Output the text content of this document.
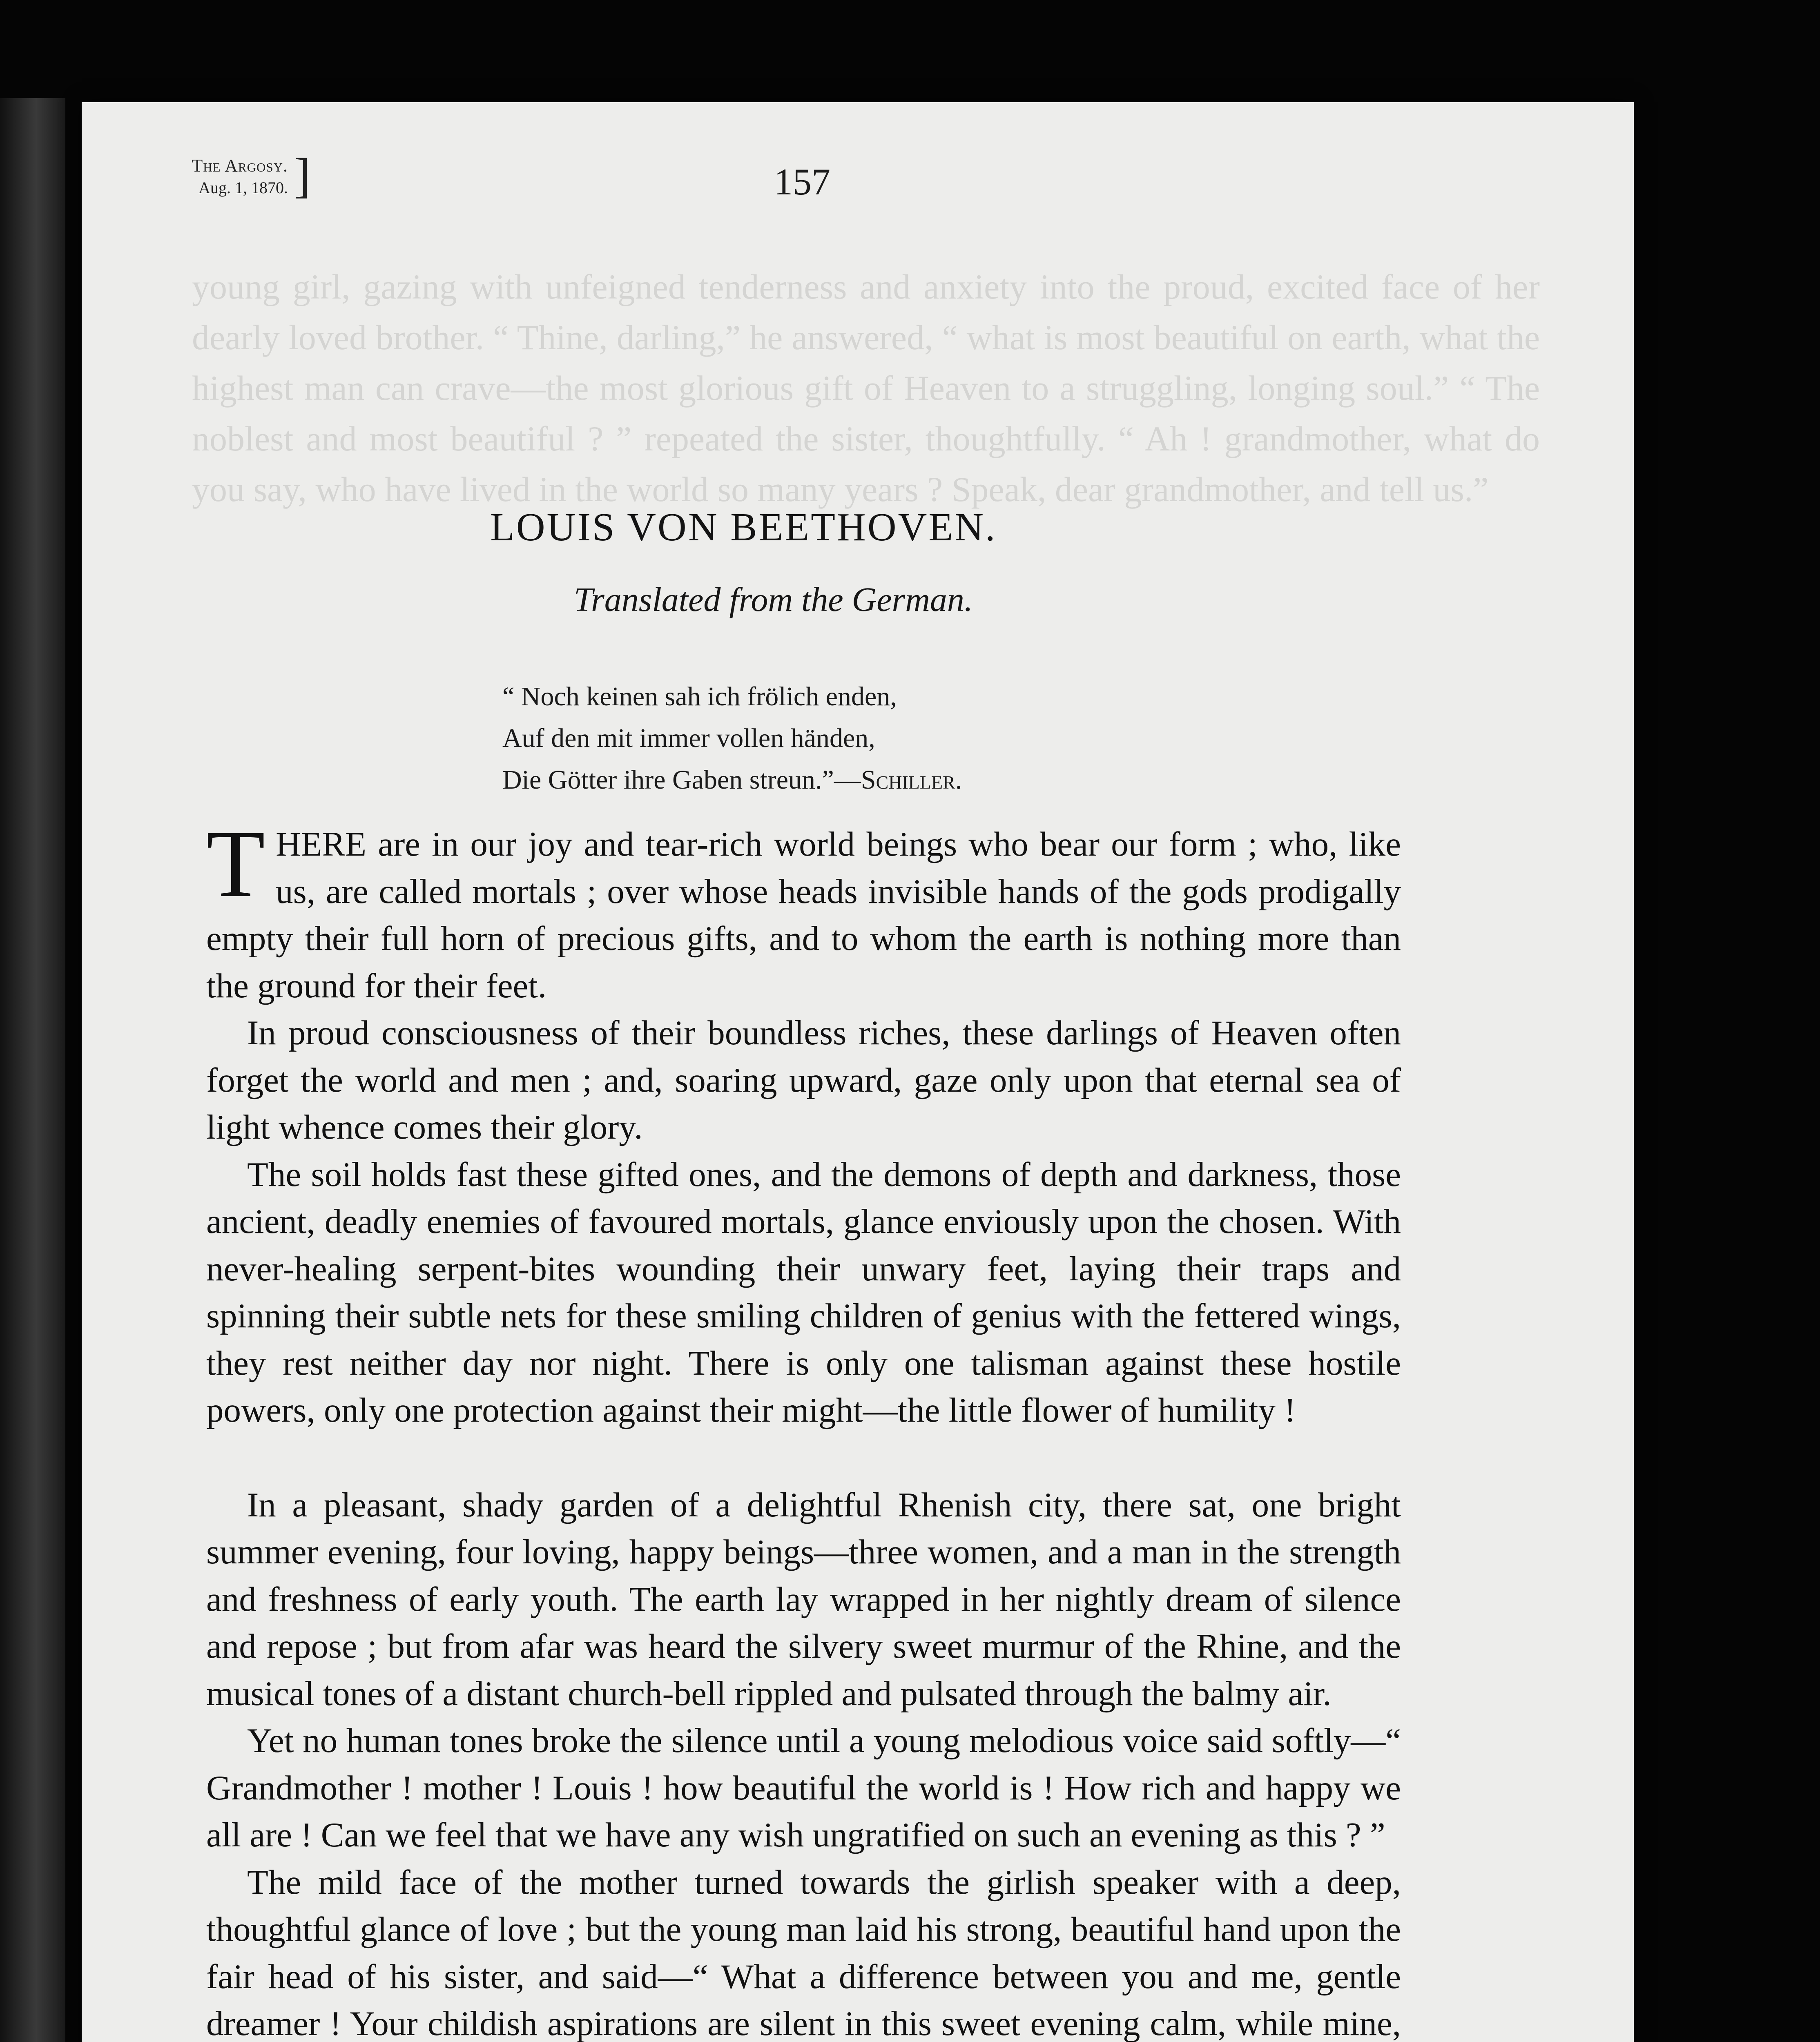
young girl, gazing with unfeigned tenderness and anxiety into the proud, excited face of her dearly loved brother. “ Thine, darling,” he answered, “ what is most beautiful on earth, what the highest man can crave—the most glorious gift of Heaven to a struggling, longing soul.” “ The noblest and most beautiful ? ” repeated the sister, thoughtfully. “ Ah ! grandmother, what do you say, who have lived in the world so many years ? Speak, dear grandmother, and tell us.”
The Argosy.
Aug. 1, 1870. ]	157
LOUIS VON BEETHOVEN.
Translated from the German.
“ Noch keinen sah ich frölich enden,
Auf den mit immer vollen händen,
Die Götter ihre Gaben streun.”—Schiller.

THERE are in our joy and tear-rich world beings who bear our form ; who, like us, are called mortals ; over whose heads invisible hands of the gods prodigally empty their full horn of precious gifts, and to whom the earth is nothing more than the ground for their feet.

In proud consciousness of their boundless riches, these darlings of Heaven often forget the world and men ; and, soaring upward, gaze only upon that eternal sea of light whence comes their glory.

The soil holds fast these gifted ones, and the demons of depth and darkness, those ancient, deadly enemies of favoured mortals, glance enviously upon the chosen. With never-healing serpent-bites wounding their unwary feet, laying their traps and spinning their subtle nets for these smiling children of genius with the fettered wings, they rest neither day nor night. There is only one talisman against these hostile powers, only one protection against their might—the little flower of humility !

In a pleasant, shady garden of a delightful Rhenish city, there sat, one bright summer evening, four loving, happy beings—three women, and a man in the strength and freshness of early youth. The earth lay wrapped in her nightly dream of silence and repose ; but from afar was heard the silvery sweet murmur of the Rhine, and the musical tones of a distant church-bell rippled and pulsated through the balmy air.

Yet no human tones broke the silence until a young melodious voice said softly—“ Grandmother ! mother ! Louis ! how beautiful the world is ! How rich and happy we all are ! Can we feel that we have any wish ungratified on such an evening as this ? ”

The mild face of the mother turned towards the girlish speaker with a deep, thoughtful glance of love ; but the young man laid his strong, beautiful hand upon the fair head of his sister, and said—“ What a difference between you and me, gentle dreamer ! Your childish aspirations are silent in this sweet evening calm, while mine,
